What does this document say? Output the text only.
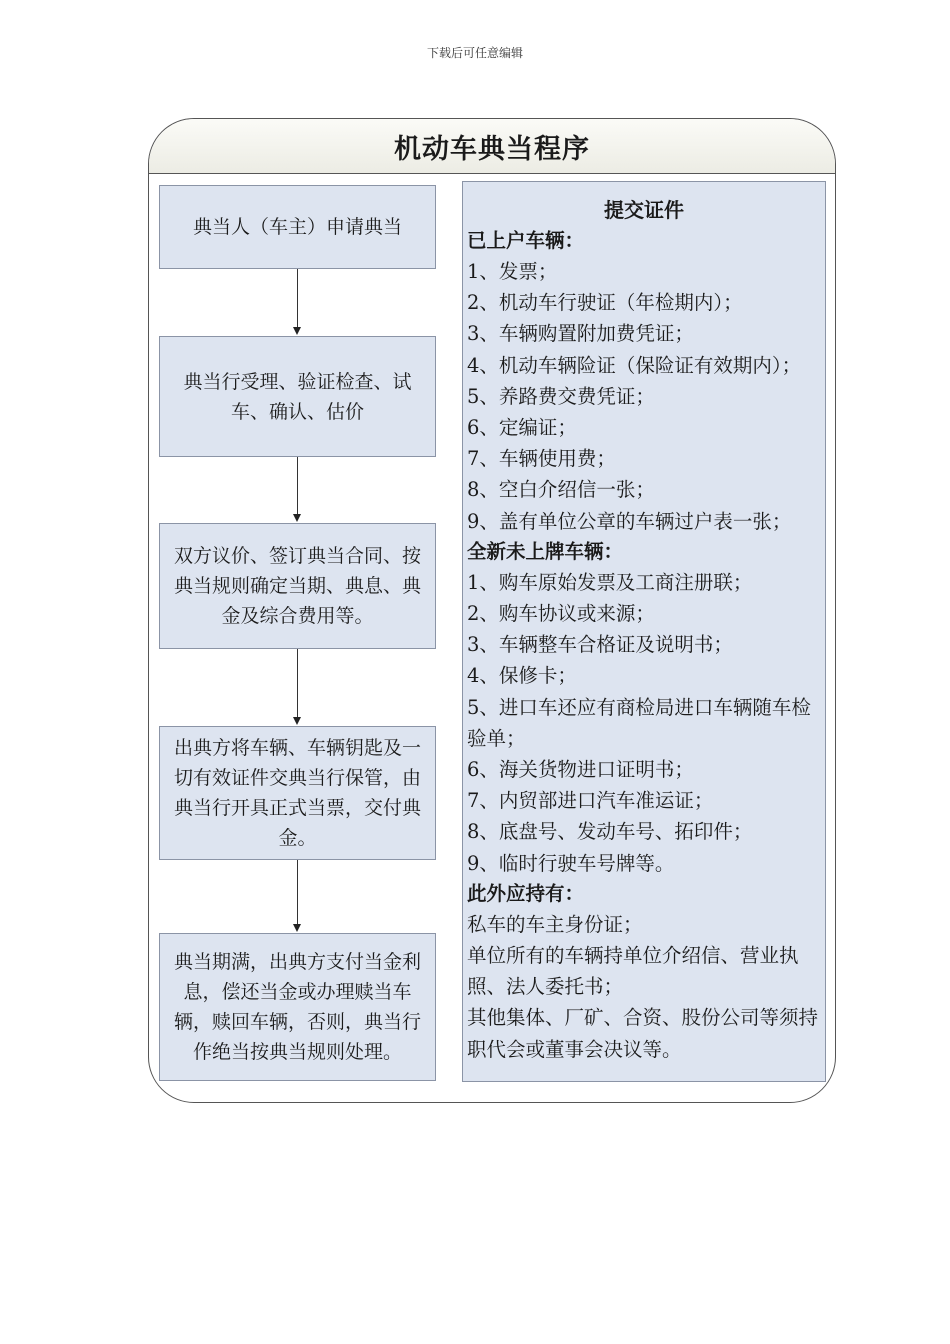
下载后可任意编辑
机动车典当程序
典当人（车主）申请典当
典当行受理、验证检查、试车、确认、估价
双方议价、签订典当合同、按典当规则确定当期、典息、典金及综合费用等。
出典方将车辆、车辆钥匙及一切有效证件交典当行保管，由典当行开具正式当票，交付典金。
典当期满，出典方支付当金利息，偿还当金或办理赎当车辆，赎回车辆，否则，典当行作绝当按典当规则处理。
提交证件
已上户车辆：
1、发票；
2、机动车行驶证（年检期内）；
3、车辆购置附加费凭证；
4、机动车辆险证（保险证有效期内）；
5、养路费交费凭证；
6、定编证；
7、车辆使用费；
8、空白介绍信一张；
9、盖有单位公章的车辆过户表一张；
全新未上牌车辆：
1、购车原始发票及工商注册联；
2、购车协议或来源；
3、车辆整车合格证及说明书；
4、保修卡；
5、进口车还应有商检局进口车辆随车检验单；
6、海关货物进口证明书；
7、内贸部进口汽车准运证；
8、底盘号、发动车号、拓印件；
9、临时行驶车号牌等。
此外应持有：
私车的车主身份证；
单位所有的车辆持单位介绍信、营业执照、法人委托书；
其他集体、厂矿、合资、股份公司等须持职代会或董事会决议等。
